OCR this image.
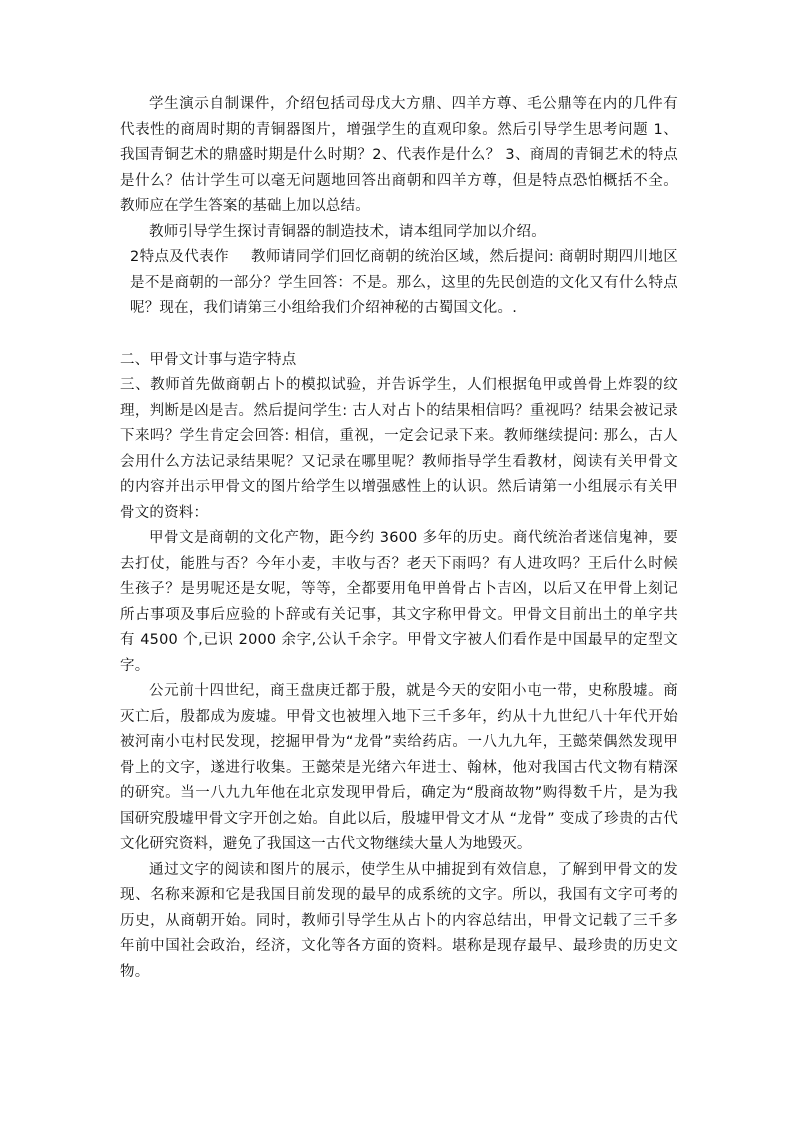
学生演示自制课件，介绍包括司母戊大方鼎、四羊方尊、毛公鼎等在内的几件有代表性的商周时期的青铜器图片，增强学生的直观印象。然后引导学生思考问题 1、我国青铜艺术的鼎盛时期是什么时期？2、代表作是什么？ 3、商周的青铜艺术的特点是什么？估计学生可以毫无问题地回答出商朝和四羊方尊，但是特点恐怕概括不全。教师应在学生答案的基础上加以总结。

教师引导学生探讨青铜器的制造技术，请本组同学加以介绍。

2特点及代表作 教师请同学们回忆商朝的统治区域，然后提问: 商朝时期四川地区是不是商朝的一部分？学生回答：不是。那么，这里的先民创造的文化又有什么特点呢？现在，我们请第三小组给我们介绍神秘的古蜀国文化。.

二、甲骨文计事与造字特点

三、教师首先做商朝占卜的模拟试验，并告诉学生，人们根据龟甲或兽骨上炸裂的纹理，判断是凶是吉。然后提问学生: 古人对占卜的结果相信吗？重视吗？结果会被记录下来吗？学生肯定会回答: 相信，重视，一定会记录下来。教师继续提问: 那么，古人会用什么方法记录结果呢？又记录在哪里呢？教师指导学生看教材，阅读有关甲骨文的内容并出示甲骨文的图片给学生以增强感性上的认识。然后请第一小组展示有关甲骨文的资料：

甲骨文是商朝的文化产物，距今约 3600 多年的历史。商代统治者迷信鬼神，要去打仗，能胜与否？今年小麦，丰收与否？老天下雨吗？有人进攻吗？王后什么时候生孩子？是男呢还是女呢，等等，全都要用龟甲兽骨占卜吉凶，以后又在甲骨上刻记所占事项及事后应验的卜辞或有关记事，其文字称甲骨文。甲骨文目前出土的单字共有 4500 个,已识 2000 余字,公认千余字。甲骨文字被人们看作是中国最早的定型文字。

公元前十四世纪，商王盘庚迁都于殷，就是今天的安阳小屯一带，史称殷墟。商灭亡后，殷都成为废墟。甲骨文也被埋入地下三千多年，约从十九世纪八十年代开始被河南小屯村民发现，挖掘甲骨为“龙骨”卖给药店。一八九九年，王懿荣偶然发现甲骨上的文字，遂进行收集。王懿荣是光绪六年进士、翰林，他对我国古代文物有精深的研究。当一八九九年他在北京发现甲骨后，确定为“殷商故物”购得数千片，是为我国研究殷墟甲骨文字开创之始。自此以后，殷墟甲骨文才从 “龙骨” 变成了珍贵的古代文化研究资料，避免了我国这一古代文物继续大量人为地毁灭。

通过文字的阅读和图片的展示，使学生从中捕捉到有效信息，了解到甲骨文的发现、名称来源和它是我国目前发现的最早的成系统的文字。所以，我国有文字可考的历史，从商朝开始。同时，教师引导学生从占卜的内容总结出，甲骨文记载了三千多年前中国社会政治，经济，文化等各方面的资料。堪称是现存最早、最珍贵的历史文物。
